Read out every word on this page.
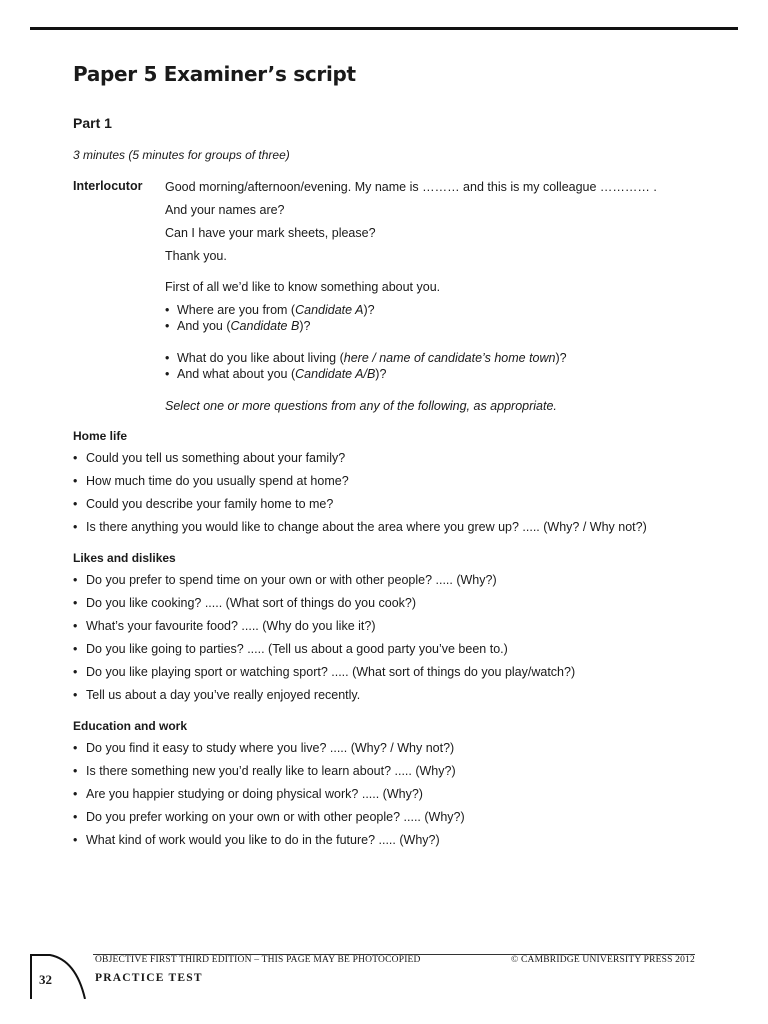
Paper 5 Examiner’s script
Part 1
3 minutes (5 minutes for groups of three)
Interlocutor Good morning/afternoon/evening. My name is ……… and this is my colleague ………… .
And your names are?
Can I have your mark sheets, please?
Thank you.
First of all we’d like to know something about you.
• Where are you from (Candidate A)?
• And you (Candidate B)?
• What do you like about living (here / name of candidate’s home town)?
• And what about you (Candidate A/B)?
Select one or more questions from any of the following, as appropriate.
Home life
• Could you tell us something about your family?
• How much time do you usually spend at home?
• Could you describe your family home to me?
• Is there anything you would like to change about the area where you grew up? ..... (Why? / Why not?)
Likes and dislikes
• Do you prefer to spend time on your own or with other people? ..... (Why?)
• Do you like cooking? ..... (What sort of things do you cook?)
• What’s your favourite food? ..... (Why do you like it?)
• Do you like going to parties? ..... (Tell us about a good party you’ve been to.)
• Do you like playing sport or watching sport? ..... (What sort of things do you play/watch?)
• Tell us about a day you’ve really enjoyed recently.
Education and work
• Do you find it easy to study where you live? ..... (Why? / Why not?)
• Is there something new you’d really like to learn about? ..... (Why?)
• Are you happier studying or doing physical work? ..... (Why?)
• Do you prefer working on your own or with other people? ..... (Why?)
• What kind of work would you like to do in the future? ..... (Why?)
OBJECTIVE FIRST THIRD EDITION – THIS PAGE MAY BE PHOTOCOPIED	© CAMBRIDGE UNIVERSITY PRESS 2012
PRACTICE TEST
32
